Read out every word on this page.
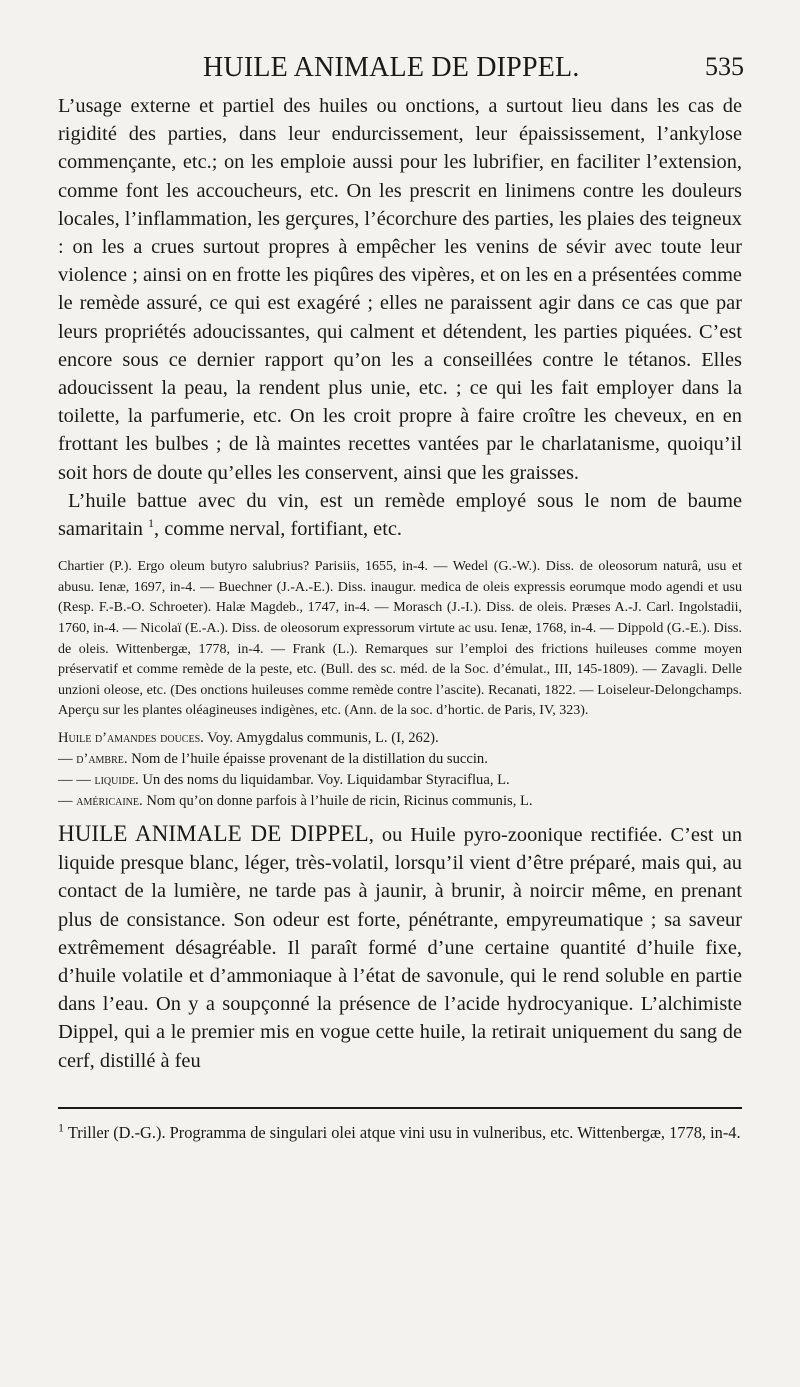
HUILE ANIMALE DE DIPPEL.	535

L’usage externe et partiel des huiles ou onctions, a surtout lieu dans les cas de rigidité des parties, dans leur endurcissement, leur épaississement, l’ankylose commençante, etc.; on les emploie aussi pour les lubrifier, en faciliter l’extension, comme font les accoucheurs, etc. On les prescrit en linimens contre les douleurs locales, l’inflammation, les gerçures, l’écorchure des parties, les plaies des teigneux : on les a crues surtout propres à empêcher les venins de sévir avec toute leur violence ; ainsi on en frotte les piqûres des vipères, et on les en a présentées comme le remède assuré, ce qui est exagéré ; elles ne paraissent agir dans ce cas que par leurs propriétés adoucissantes, qui calment et détendent, les parties piquées. C’est encore sous ce dernier rapport qu’on les a conseillées contre le tétanos. Elles adoucissent la peau, la rendent plus unie, etc. ; ce qui les fait employer dans la toilette, la parfumerie, etc. On les croit propre à faire croître les cheveux, en en frottant les bulbes ; de là maintes recettes vantées par le charlatanisme, quoiqu’il soit hors de doute qu’elles les conservent, ainsi que les graisses.

L’huile battue avec du vin, est un remède employé sous le nom de baume samaritain $^1$, comme nerval, fortifiant, etc.

Chartier (P.). Ergo oleum butyro salubrius? Parisiis, 1655, in-4. — Wedel (G.-W.). Diss. de oleosorum naturâ, usu et abusu. Ienæ, 1697, in-4. — Buechner (J.-A.-E.). Diss. inaugur. medica de oleis expressis eorumque modo agendi et usu (Resp. F.-B.-O. Schroeter). Halæ Magdeb., 1747, in-4. — Morasch (J.-I.). Diss. de oleis. Præses A.-J. Carl. Ingolstadii, 1760, in-4. — Nicolaï (E.-A.). Diss. de oleosorum expressorum virtute ac usu. Ienæ, 1768, in-4. — Dippold (G.-E.). Diss. de oleis. Wittenbergæ, 1778, in-4. — Frank (L.). Remarques sur l’emploi des frictions huileuses comme moyen préservatif et comme remède de la peste, etc. (Bull. des sc. méd. de la Soc. d’émulat., III, 145-1809). — Zavagli. Delle unzioni oleose, etc. (Des onctions huileuses comme remède contre l’ascite). Recanati, 1822. — Loiseleur-Delongchamps. Aperçu sur les plantes oléagineuses indigènes, etc. (Ann. de la soc. d’hortic. de Paris, IV, 323).

Huile d’amandes douces. Voy. Amygdalus communis, L. (I, 262).

— d’ambre. Nom de l’huile épaisse provenant de la distillation du succin.

— — liquide. Un des noms du liquidambar. Voy. Liquidambar Styraciflua, L.

— américaine. Nom qu’on donne parfois à l’huile de ricin, Ricinus communis, L.

HUILE ANIMALE DE DIPPEL, ou Huile pyro-zoonique rectifiée. C’est un liquide presque blanc, léger, très-volatil, lorsqu’il vient d’être préparé, mais qui, au contact de la lumière, ne tarde pas à jaunir, à brunir, à noircir même, en prenant plus de consistance. Son odeur est forte, pénétrante, empyreumatique ; sa saveur extrêmement désagréable. Il paraît formé d’une certaine quantité d’huile fixe, d’huile volatile et d’ammoniaque à l’état de savonule, qui le rend soluble en partie dans l’eau. On y a soupçonné la présence de l’acide hydrocyanique. L’alchimiste Dippel, qui a le premier mis en vogue cette huile, la retirait uniquement du sang de cerf, distillé à feu

$^1$ Triller (D.-G.). Programma de singulari olei atque vini usu in vulneribus, etc. Wittenbergæ, 1778, in-4.
